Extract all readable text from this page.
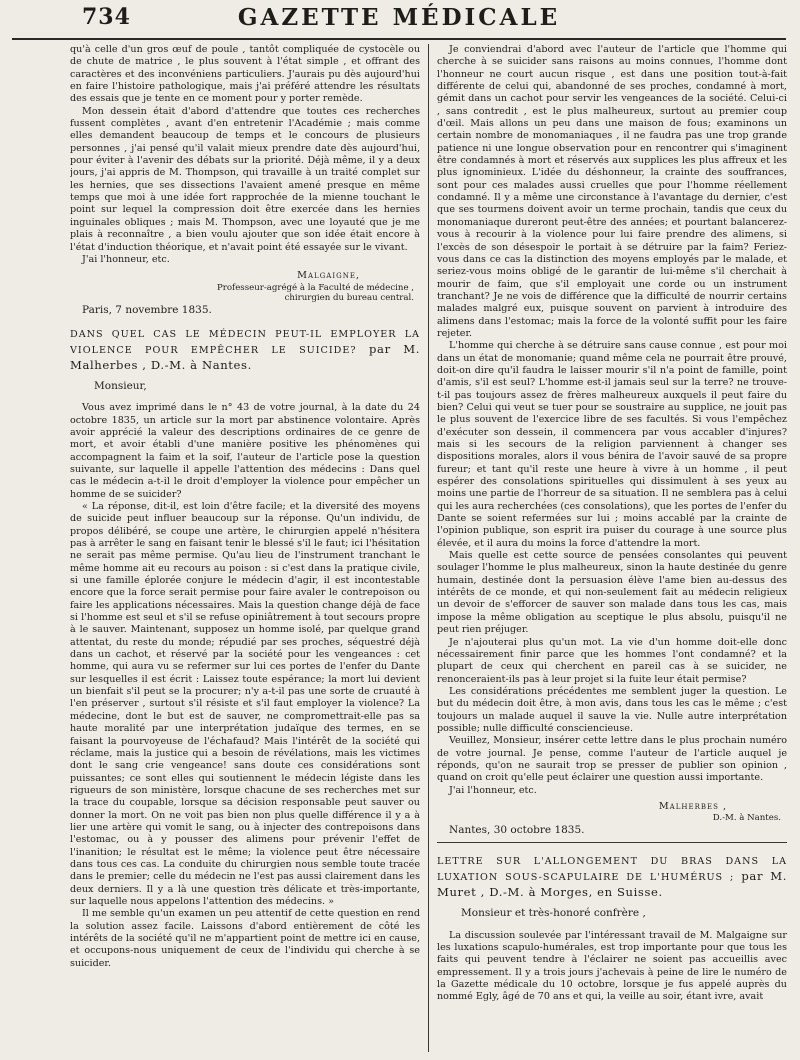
734	GAZETTE MÉDICALE

qu'à celle d'un gros œuf de poule , tantôt compliquée de cystocèle ou de chute de matrice , le plus souvent à l'état simple , et offrant des caractères et des inconvéniens particuliers. J'aurais pu dès aujourd'hui en faire l'histoire pathologique, mais j'ai préféré attendre les résultats des essais que je tente en ce moment pour y porter remède.

Mon dessein était d'abord d'attendre que toutes ces recherches fussent complètes , avant d'en entretenir l'Académie ; mais comme elles demandent beaucoup de temps et le concours de plusieurs personnes , j'ai pensé qu'il valait mieux prendre date dès aujourd'hui, pour éviter à l'avenir des débats sur la priorité. Déjà même, il y a deux jours, j'ai appris de M. Thompson, qui travaille à un traité complet sur les hernies, que ses dissections l'avaient amené presque en même temps que moi à une idée fort rapprochée de la mienne touchant le point sur lequel la compression doit être exercée dans les hernies inguinales obliques ; mais M. Thompson, avec une loyauté que je me plais à reconnaître , a bien voulu ajouter que son idée était encore à l'état d'induction théorique, et n'avait point été essayée sur le vivant.

J'ai l'honneur, etc.

Malgaigne,
Professeur-agrégé à la Faculté de médecine ,
chirurgien du bureau central.

Paris, 7 novembre 1835.

DANS QUEL CAS LE MÉDECIN PEUT-IL EMPLOYER LA VIOLENCE POUR EMPÊCHER LE SUICIDE? par M. Malherbes , D.-M. à Nantes.
Monsieur,

Vous avez imprimé dans le n° 43 de votre journal, à la date du 24 octobre 1835, un article sur la mort par abstinence volontaire. Après avoir apprécié la valeur des descriptions ordinaires de ce genre de mort, et avoir établi d'une manière positive les phénomènes qui accompagnent la faim et la soif, l'auteur de l'article pose la question suivante, sur laquelle il appelle l'attention des médecins : Dans quel cas le médecin a-t-il le droit d'employer la violence pour empêcher un homme de se suicider?

« La réponse, dit-il, est loin d'être facile; et la diversité des moyens de suicide peut influer beaucoup sur la réponse. Qu'un individu, de propos délibéré, se coupe une artère, le chirurgien appelé n'hésitera pas à arrêter le sang en faisant tenir le blessé s'il le faut; ici l'hésitation ne serait pas même permise. Qu'au lieu de l'instrument tranchant le même homme ait eu recours au poison : si c'est dans la pratique civile, si une famille éplorée conjure le médecin d'agir, il est incontestable encore que la force serait permise pour faire avaler le contrepoison ou faire les applications nécessaires. Mais la question change déjà de face si l'homme est seul et s'il se refuse opiniâtrement à tout secours propre à le sauver. Maintenant, supposez un homme isolé, par quelque grand attentat, du reste du monde; répudié par ses proches, séquestré déjà dans un cachot, et réservé par la société pour les vengeances : cet homme, qui aura vu se refermer sur lui ces portes de l'enfer du Dante sur lesquelles il est écrit : Laissez toute espérance; la mort lui devient un bienfait s'il peut se la procurer; n'y a-t-il pas une sorte de cruauté à l'en préserver , surtout s'il résiste et s'il faut employer la violence? La médecine, dont le but est de sauver, ne compromettrait-elle pas sa haute moralité par une interprétation judaïque des termes, en se faisant la pourvoyeuse de l'échafaud? Mais l'intérêt de la société qui réclame, mais la justice qui a besoin de révélations, mais les victimes dont le sang crie vengeance! sans doute ces considérations sont puissantes; ce sont elles qui soutiennent le médecin légiste dans les rigueurs de son ministère, lorsque chacune de ses recherches met sur la trace du coupable, lorsque sa décision responsable peut sauver ou donner la mort. On ne voit pas bien non plus quelle différence il y a à lier une artère qui vomit le sang, ou à injecter des contrepoisons dans l'estomac, ou à y pousser des alimens pour prévenir l'effet de l'inanition; le résultat est le même; la violence peut être nécessaire dans tous ces cas. La conduite du chirurgien nous semble toute tracée dans le premier; celle du médecin ne l'est pas aussi clairement dans les deux derniers. Il y a là une question très délicate et très-importante, sur laquelle nous appelons l'attention des médecins. »

Il me semble qu'un examen un peu attentif de cette question en rend la solution assez facile. Laissons d'abord entièrement de côté les intérêts de la société qu'il ne m'appartient point de mettre ici en cause, et occupons-nous uniquement de ceux de l'individu qui cherche à se suicider.

Je conviendrai d'abord avec l'auteur de l'article que l'homme qui cherche à se suicider sans raisons au moins connues, l'homme dont l'honneur ne court aucun risque , est dans une position tout-à-fait différente de celui qui, abandonné de ses proches, condamné à mort, gémit dans un cachot pour servir les vengeances de la société. Celui-ci , sans contredit , est le plus malheureux, surtout au premier coup d'œil. Mais allons un peu dans une maison de fous; examinons un certain nombre de monomaniaques , il ne faudra pas une trop grande patience ni une longue observation pour en rencontrer qui s'imaginent être condamnés à mort et réservés aux supplices les plus affreux et les plus ignominieux. L'idée du déshonneur, la crainte des souffrances, sont pour ces malades aussi cruelles que pour l'homme réellement condamné. Il y a même une circonstance à l'avantage du dernier, c'est que ses tourmens doivent avoir un terme prochain, tandis que ceux du monomaniaque dureront peut-être des années; et pourtant balancerez-vous à recourir à la violence pour lui faire prendre des alimens, si l'excès de son désespoir le portait à se détruire par la faim? Feriez-vous dans ce cas la distinction des moyens employés par le malade, et seriez-vous moins obligé de le garantir de lui-même s'il cherchait à mourir de faim, que s'il employait une corde ou un instrument tranchant? Je ne vois de différence que la difficulté de nourrir certains malades malgré eux, puisque souvent on parvient à introduire des alimens dans l'estomac; mais la force de la volonté suffit pour les faire rejeter.

L'homme qui cherche à se détruire sans cause connue , est pour moi dans un état de monomanie; quand même cela ne pourrait être prouvé, doit-on dire qu'il faudra le laisser mourir s'il n'a point de famille, point d'amis, s'il est seul? L'homme est-il jamais seul sur la terre? ne trouve-t-il pas toujours assez de frères malheureux auxquels il peut faire du bien? Celui qui veut se tuer pour se soustraire au supplice, ne jouit pas le plus souvent de l'exercice libre de ses facultés. Si vous l'empêchez d'exécuter son dessein, il commencera par vous accabler d'injures? mais si les secours de la religion parviennent à changer ses dispositions morales, alors il vous bénira de l'avoir sauvé de sa propre fureur; et tant qu'il reste une heure à vivre à un homme , il peut espérer des consolations spirituelles qui dissimulent à ses yeux au moins une partie de l'horreur de sa situation. Il ne semblera pas à celui qui les aura recherchées (ces consolations), que les portes de l'enfer du Dante se soient refermées sur lui ; moins accablé par la crainte de l'opinion publique, son esprit ira puiser du courage à une source plus élevée, et il aura du moins la force d'attendre la mort.

Mais quelle est cette source de pensées consolantes qui peuvent soulager l'homme le plus malheureux, sinon la haute destinée du genre humain, destinée dont la persuasion élève l'ame bien au-dessus des intérêts de ce monde, et qui non-seulement fait au médecin religieux un devoir de s'efforcer de sauver son malade dans tous les cas, mais impose la même obligation au sceptique le plus absolu, puisqu'il ne peut rien préjuger.

Je n'ajouterai plus qu'un mot. La vie d'un homme doit-elle donc nécessairement finir parce que les hommes l'ont condamné? et la plupart de ceux qui cherchent en pareil cas à se suicider, ne renonceraient-ils pas à leur projet si la fuite leur était permise?

Les considérations précédentes me semblent juger la question. Le but du médecin doit être, à mon avis, dans tous les cas le même ; c'est toujours un malade auquel il sauve la vie. Nulle autre interprétation possible; nulle difficulté consciencieuse.

Veuillez, Monsieur, insérer cette lettre dans le plus prochain numéro de votre journal. Je pense, comme l'auteur de l'article auquel je réponds, qu'on ne saurait trop se presser de publier son opinion , quand on croit qu'elle peut éclairer une question aussi importante.

J'ai l'honneur, etc.

Malherbes ,
D.-M. à Nantes.

Nantes, 30 octobre 1835.

LETTRE SUR L'ALLONGEMENT DU BRAS DANS LA LUXATION SOUS-SCAPULAIRE DE L'HUMÉRUS ; par M. Muret , D.-M. à Morges, en Suisse.
Monsieur et très-honoré confrère ,

La discussion soulevée par l'intéressant travail de M. Malgaigne sur les luxations scapulo-humérales, est trop importante pour que tous les faits qui peuvent tendre à l'éclairer ne soient pas accueillis avec empressement. Il y a trois jours j'achevais à peine de lire le numéro de la Gazette médicale du 10 octobre, lorsque je fus appelé auprès du nommé Egly, âgé de 70 ans et qui, la veille au soir, étant ivre, avait
